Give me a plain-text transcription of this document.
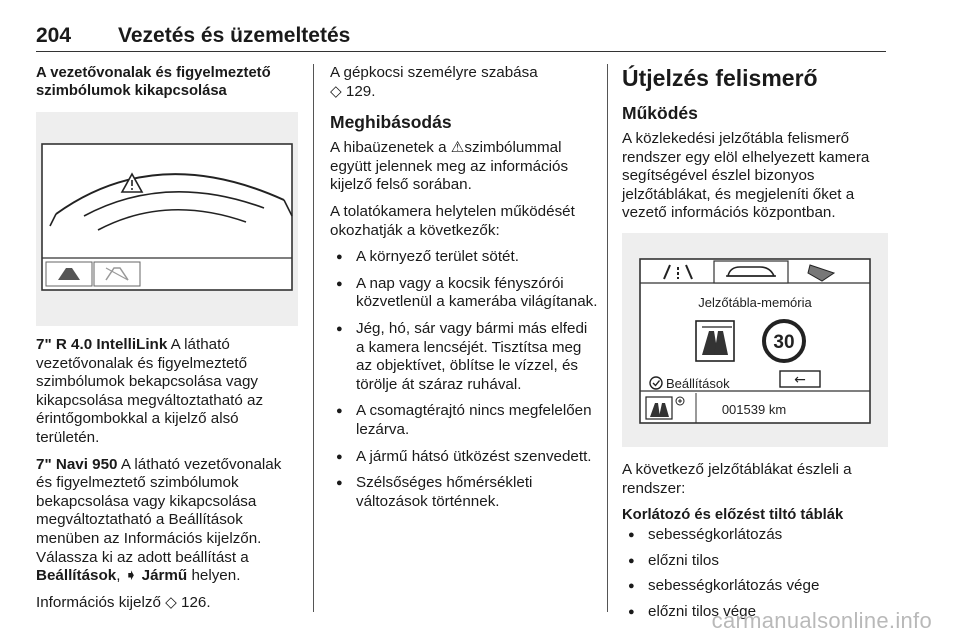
204 Vezetés és üzemeltetés
A vezetővonalak és figyelmeztető szimbólumok kikapcsolása

7" R 4.0 IntelliLink A látható vezetővonalak és figyelmeztető szimbólumok bekapcsolása vagy kikapcsolása megváltoztatható az érintőgombokkal a kijelző alsó területén.

7" Navi 950 A látható vezetővonalak és figyelmeztető szimbólumok bekapcsolása vagy kikapcsolása megváltoztatható a Beállítások menüben az Információs kijelzőn. Válassza ki az adott beállítást a Beállítások, ➧ Jármű helyen.

Információs kijelző ◇ 126.

A gépkocsi személyre szabása
◇ 129.

Meghibásodás

A hibaüzenetek a ⚠szimbólummal együtt jelennek meg az információs kijelző felső sorában.

A tolatókamera helytelen működését okozhatják a következők:

● A környező terület sötét.
● A nap vagy a kocsik fényszórói közvetlenül a kamerába világítanak.
● Jég, hó, sár vagy bármi más elfedi a kamera lencséjét. Tisztítsa meg az objektívet, öblítse le vízzel, és törölje át száraz ruhával.
● A csomagtérajtó nincs megfelelően lezárva.
● A jármű hátsó ütközést szenvedett.
● Szélsőséges hőmérsékleti változások történnek.
Útjelzés felismerő
Működés

A közlekedési jelzőtábla felismerő rendszer egy elöl elhelyezett kamera segítségével észlel bizonyos jelzőtáblákat, és megjeleníti őket a vezető információs központban.

Jelzőtábla-memória
30
Beállítások	←
001539 km

A következő jelzőtáblákat észleli a rendszer:

Korlátozó és előzést tiltó táblák
● sebességkorlátozás
● előzni tilos
● sebességkorlátozás vége
● előzni tilos vége
carmanualsonline.info
